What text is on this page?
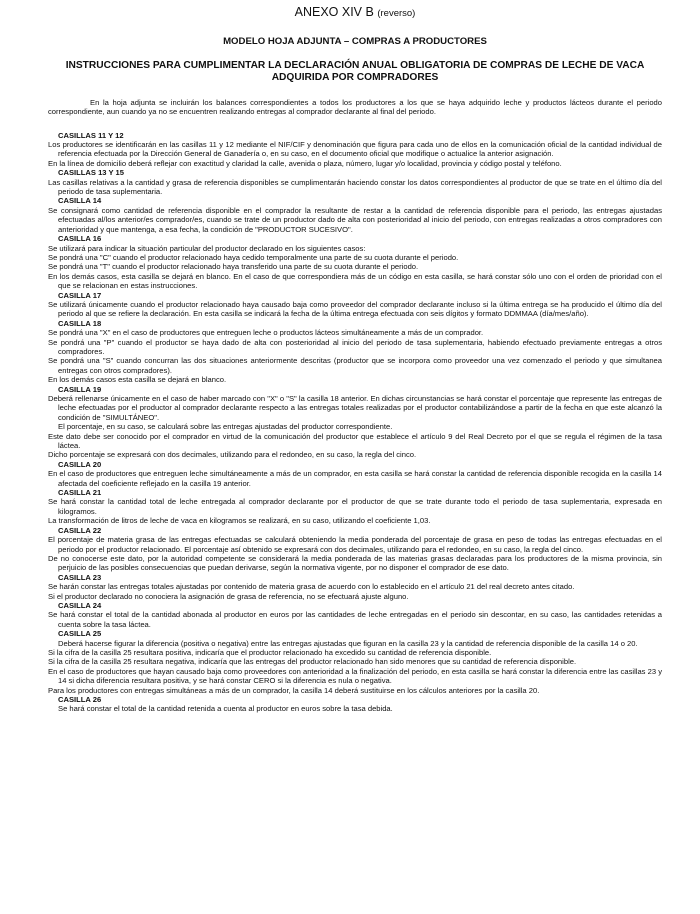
ANEXO XIV B (reverso)
MODELO HOJA ADJUNTA – COMPRAS A PRODUCTORES
INSTRUCCIONES PARA CUMPLIMENTAR LA DECLARACIÓN ANUAL OBLIGATORIA DE COMPRAS DE LECHE DE VACA ADQUIRIDA POR COMPRADORES
En la hoja adjunta se incluirán los balances correspondientes a todos los productores a los que se haya adquirido leche y productos lácteos durante el periodo correspondiente, aun cuando ya no se encuentren realizando entregas al comprador declarante al final del periodo.
CASILLAS 11 Y 12
Los productores se identificarán en las casillas 11 y 12 mediante el NIF/CIF y denominación que figura para cada uno de ellos en la comunicación oficial de la cantidad individual de referencia efectuada por la Dirección General de Ganadería o, en su caso, en el documento oficial que modifique o actualice la anterior asignación.
En la línea de domicilio deberá reflejar con exactitud y claridad la calle, avenida o plaza, número, lugar y/o localidad, provincia y código postal y teléfono.
CASILLAS 13 Y 15
Las casillas relativas a la cantidad y grasa de referencia disponibles se cumplimentarán haciendo constar los datos correspondientes al productor de que se trate en el último día del periodo de tasa suplementaria.
CASILLA 14
Se consignará como cantidad de referencia disponible en el comprador la resultante de restar a la cantidad de referencia disponible para el periodo, las entregas ajustadas efectuadas al/los anterior/es comprador/es, cuando se trate de un productor dado de alta con posterioridad al inicio del periodo, con entregas realizadas a otros compradores con anterioridad y que mantenga, a esa fecha, la condición de "PRODUCTOR SUCESIVO".
CASILLA 16
Se utilizará para indicar la situación particular del productor declarado en los siguientes casos:
Se pondrá una "C" cuando el productor relacionado haya cedido temporalmente una parte de su cuota durante el periodo.
Se pondrá una "T" cuando el productor relacionado haya transferido una parte de su cuota durante el periodo.
En los demás casos, esta casilla se dejará en blanco. En el caso de que correspondiera más de un código en esta casilla, se hará constar sólo uno con el orden de prioridad con el que se relacionan en estas instrucciones.
CASILLA 17
Se utilizará únicamente cuando el productor relacionado haya causado baja como proveedor del comprador declarante incluso si la última entrega se ha producido el último día del periodo al que se refiere la declaración. En esta casilla se indicará la fecha de la última entrega efectuada con seis dígitos y formato DDMMAA (día/mes/año).
CASILLA 18
Se pondrá una "X" en el caso de productores que entreguen leche o productos lácteos simultáneamente a más de un comprador.
Se pondrá una "P" cuando el productor se haya dado de alta con posterioridad al inicio del periodo de tasa suplementaria, habiendo efectuado previamente entregas a otros compradores.
Se pondrá una "S" cuando concurran las dos situaciones anteriormente descritas (productor que se incorpora como proveedor una vez comenzado el periodo y que simultanea entregas con otros compradores).
En los demás casos esta casilla se dejará en blanco.
CASILLA 19
Deberá rellenarse únicamente en el caso de haber marcado con "X" o "S" la casilla 18 anterior. En dichas circunstancias se hará constar el porcentaje que represente las entregas de leche efectuadas por el productor al comprador declarante respecto a las entregas totales realizadas por el productor contabilizándose a partir de la fecha en que este alcanzó la condición de "SIMULTÁNEO".
El porcentaje, en su caso, se calculará sobre las entregas ajustadas del productor correspondiente.
Este dato debe ser conocido por el comprador en virtud de la comunicación del productor que establece el artículo 9 del Real Decreto por el que se regula el régimen de la tasa láctea.
Dicho porcentaje se expresará con dos decimales, utilizando para el redondeo, en su caso, la regla del cinco.
CASILLA 20
En el caso de productores que entreguen leche simultáneamente a más de un comprador, en esta casilla se hará constar la cantidad de referencia disponible recogida en la casilla 14 afectada del coeficiente reflejado en la casilla 19 anterior.
CASILLA 21
Se hará constar la cantidad total de leche entregada al comprador declarante por el productor de que se trate durante todo el periodo de tasa suplementaria, expresada en kilogramos.
La transformación de litros de leche de vaca en kilogramos se realizará, en su caso, utilizando el coeficiente 1,03.
CASILLA 22
El porcentaje de materia grasa de las entregas efectuadas se calculará obteniendo la media ponderada del porcentaje de grasa en peso de todas las entregas efectuadas en el periodo por el productor relacionado. El porcentaje así obtenido se expresará con dos decimales, utilizando para el redondeo, en su caso, la regla del cinco.
De no conocerse este dato, por la autoridad competente se considerará la media ponderada de las materias grasas declaradas para los productores de la misma provincia, sin perjuicio de las posibles consecuencias que puedan derivarse, según la normativa vigente, por no disponer el comprador de ese dato.
CASILLA 23
Se harán constar las entregas totales ajustadas por contenido de materia grasa de acuerdo con lo establecido en el artículo 21 del real decreto antes citado.
Si el productor declarado no conociera la asignación de grasa de referencia, no se efectuará ajuste alguno.
CASILLA 24
Se hará constar el total de la cantidad abonada al productor en euros por las cantidades de leche entregadas en el periodo sin descontar, en su caso, las cantidades retenidas a cuenta sobre la tasa láctea.
CASILLA 25
Deberá hacerse figurar la diferencia (positiva o negativa) entre las entregas ajustadas que figuran en la casilla 23 y la cantidad de referencia disponible de la casilla 14 o 20.
Si la cifra de la casilla 25 resultara positiva, indicaría que el productor relacionado ha excedido su cantidad de referencia disponible.
Si la cifra de la casilla 25 resultara negativa, indicaría que las entregas del productor relacionado han sido menores que su cantidad de referencia disponible.
En el caso de productores que hayan causado baja como proveedores con anterioridad a la finalización del periodo, en esta casilla se hará constar la diferencia entre las casillas 23 y 14 si dicha diferencia resultara positiva, y se hará constar CERO si la diferencia es nula o negativa.
Para los productores con entregas simultáneas a más de un comprador, la casilla 14 deberá sustituirse en los cálculos anteriores por la casilla 20.
CASILLA 26
Se hará constar el total de la cantidad retenida a cuenta al productor en euros sobre la tasa debida.
